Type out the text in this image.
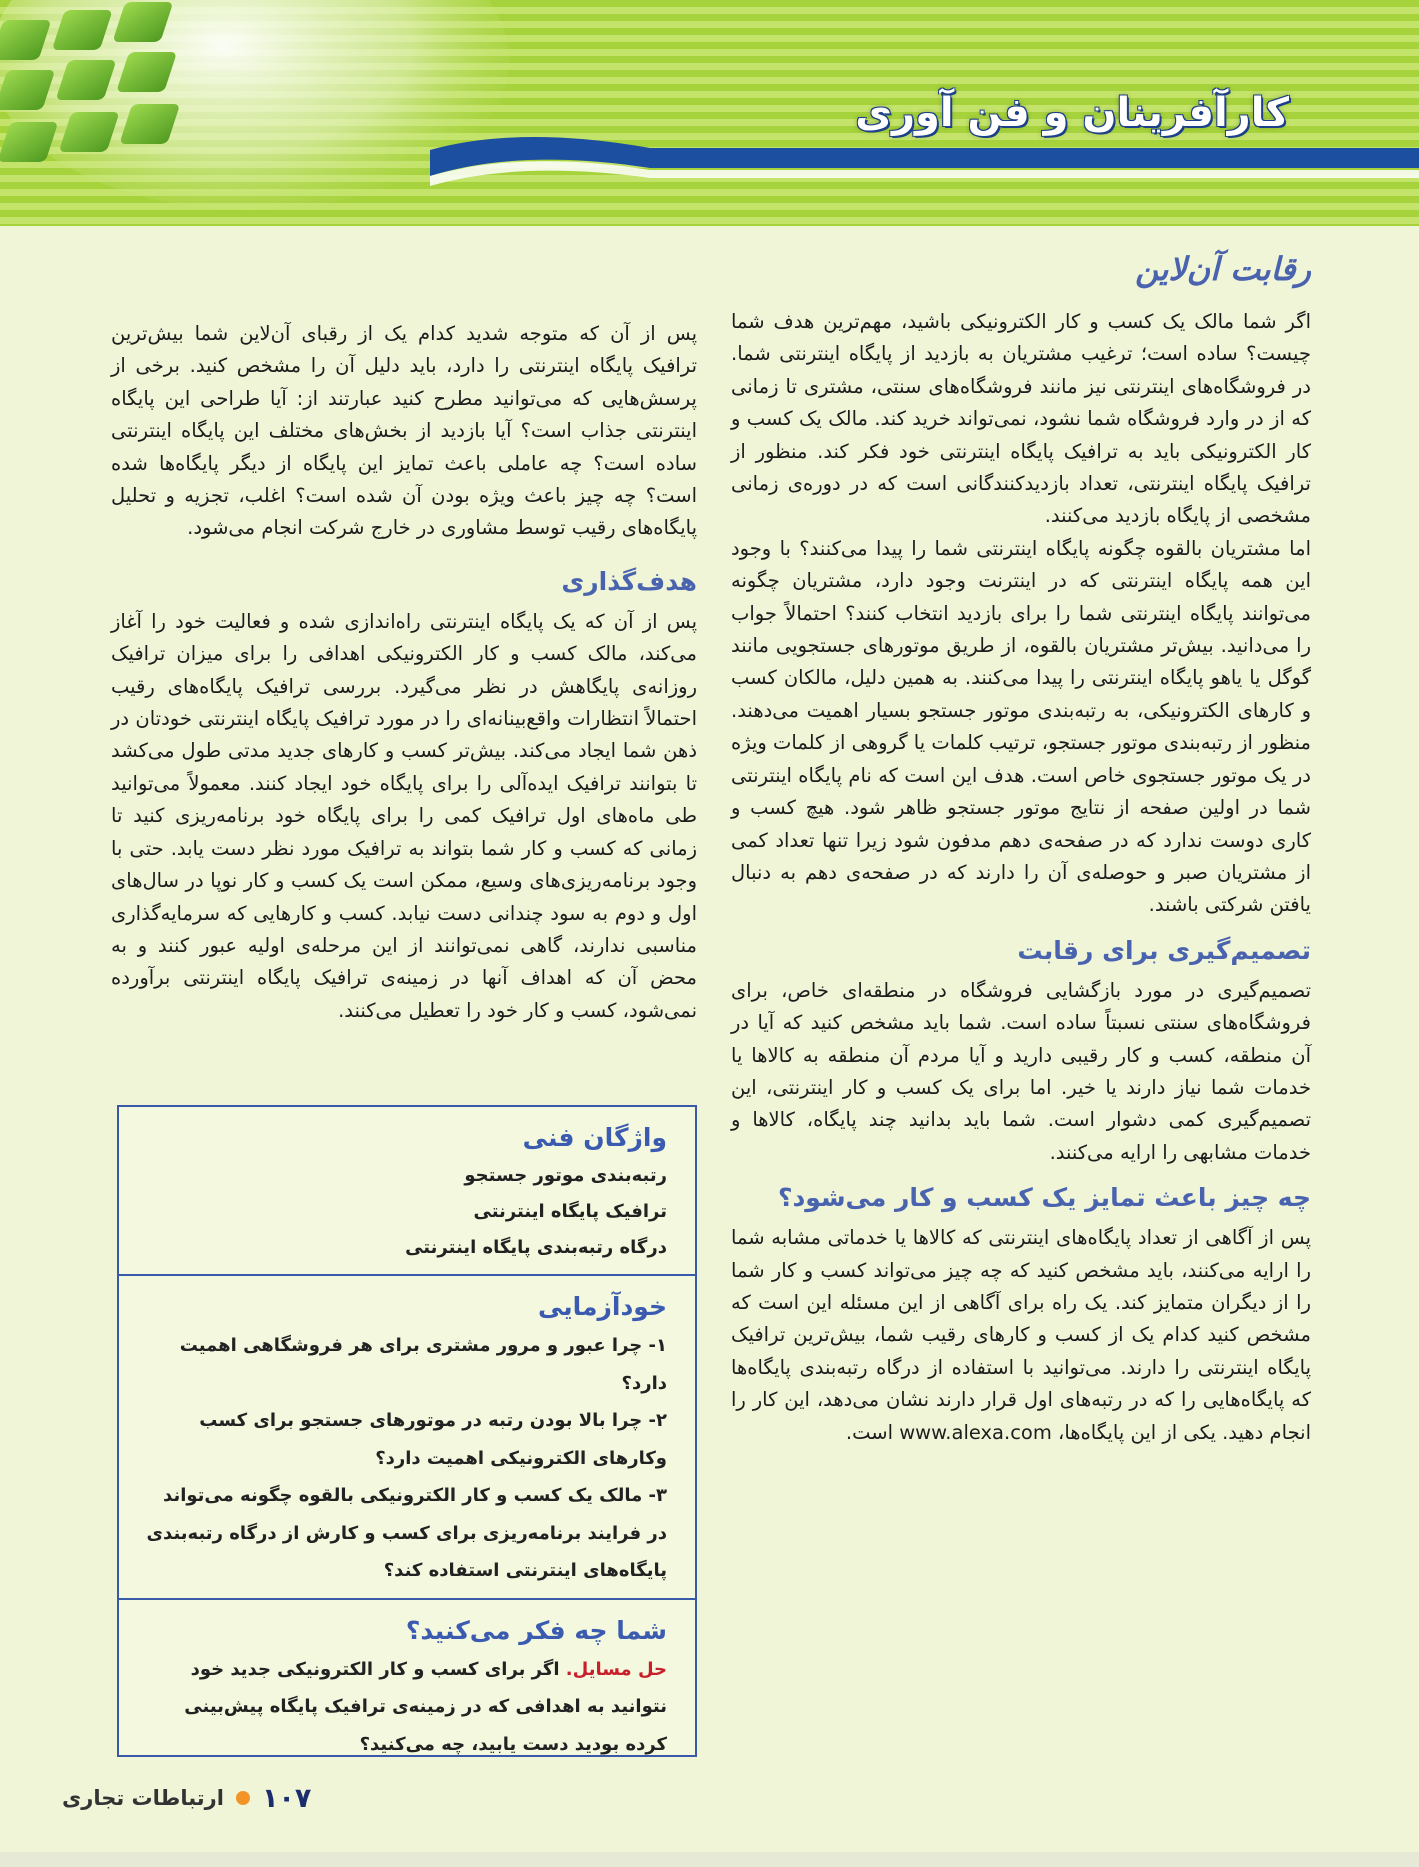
کارآفرینان و فن آوری
رقابت آن‌لاین

اگر شما مالک یک کسب و کار الکترونیکی باشید، مهم‌ترین هدف شما چیست؟ ساده است؛ ترغیب مشتریان به بازدید از پایگاه اینترنتی شما. در فروشگاه‌های اینترنتی نیز مانند فروشگاه‌های سنتی، مشتری تا زمانی که از در وارد فروشگاه شما نشود، نمی‌تواند خرید کند. مالک یک کسب و کار الکترونیکی باید به ترافیک پایگاه اینترنتی خود فکر کند. منظور از ترافیک پایگاه اینترنتی، تعداد بازدیدکنندگانی است که در دوره‌ی زمانی مشخصی از پایگاه بازدید می‌کنند.

اما مشتریان بالقوه چگونه پایگاه اینترنتی شما را پیدا می‌کنند؟ با وجود این همه پایگاه اینترنتی که در اینترنت وجود دارد، مشتریان چگونه می‌توانند پایگاه اینترنتی شما را برای بازدید انتخاب کنند؟ احتمالاً جواب را می‌دانید. بیش‌تر مشتریان بالقوه، از طریق موتورهای جستجویی مانند گوگل یا یاهو پایگاه اینترنتی را پیدا می‌کنند. به همین دلیل، مالکان کسب و کارهای الکترونیکی، به رتبه‌بندی موتور جستجو بسیار اهمیت می‌دهند. منظور از رتبه‌بندی موتور جستجو، ترتیب کلمات یا گروهی از کلمات ویژه در یک موتور جستجوی خاص است. هدف این است که نام پایگاه اینترنتی شما در اولین صفحه از نتایج موتور جستجو ظاهر شود. هیچ کسب و کاری دوست ندارد که در صفحه‌ی دهم مدفون شود زیرا تنها تعداد کمی از مشتریان صبر و حوصله‌ی آن را دارند که در صفحه‌ی دهم به دنبال یافتن شرکتی باشند.

تصمیم‌گیری برای رقابت

تصمیم‌گیری در مورد بازگشایی فروشگاه در منطقه‌ای خاص، برای فروشگاه‌های سنتی نسبتاً ساده است. شما باید مشخص کنید که آیا در آن منطقه، کسب و کار رقیبی دارید و آیا مردم آن منطقه به کالاها یا خدمات شما نیاز دارند یا خیر. اما برای یک کسب و کار اینترنتی، این تصمیم‌گیری کمی دشوار است. شما باید بدانید چند پایگاه، کالاها و خدمات مشابهی را ارایه می‌کنند.

چه چیز باعث تمایز یک کسب و کار می‌شود؟

پس از آگاهی از تعداد پایگاه‌های اینترنتی که کالاها یا خدماتی مشابه شما را ارایه می‌کنند، باید مشخص کنید که چه چیز می‌تواند کسب و کار شما را از دیگران متمایز کند. یک راه برای آگاهی از این مسئله این است که مشخص کنید کدام یک از کسب و کارهای رقیب شما، بیش‌ترین ترافیک پایگاه اینترنتی را دارند. می‌توانید با استفاده از درگاه رتبه‌بندی پایگاه‌ها که پایگاه‌هایی را که در رتبه‌های اول قرار دارند نشان می‌دهد، این کار را انجام دهید. یکی از این پایگاه‌ها، www.alexa.com است.

پس از آن که متوجه شدید کدام یک از رقبای آن‌لاین شما بیش‌ترین ترافیک پایگاه اینترنتی را دارد، باید دلیل آن را مشخص کنید. برخی از پرسش‌هایی که می‌توانید مطرح کنید عبارتند از: آیا طراحی این پایگاه اینترنتی جذاب است؟ آیا بازدید از بخش‌های مختلف این پایگاه اینترنتی ساده است؟ چه عاملی باعث تمایز این پایگاه از دیگر پایگاه‌ها شده است؟ چه چیز باعث ویژه بودن آن شده است؟ اغلب، تجزیه و تحلیل پایگاه‌های رقیب توسط مشاوری در خارج شرکت انجام می‌شود.

هدف‌گذاری

پس از آن که یک پایگاه اینترنتی راه‌اندازی شده و فعالیت خود را آغاز می‌کند، مالک کسب و کار الکترونیکی اهدافی را برای میزان ترافیک روزانه‌ی پایگاهش در نظر می‌گیرد. بررسی ترافیک پایگاه‌های رقیب احتمالاً انتظارات واقع‌بینانه‌ای را در مورد ترافیک پایگاه اینترنتی خودتان در ذهن شما ایجاد می‌کند. بیش‌تر کسب و کارهای جدید مدتی طول می‌کشد تا بتوانند ترافیک ایده‌آلی را برای پایگاه خود ایجاد کنند. معمولاً می‌توانید طی ماه‌های اول ترافیک کمی را برای پایگاه خود برنامه‌ریزی کنید تا زمانی که کسب و کار شما بتواند به ترافیک مورد نظر دست یابد. حتی با وجود برنامه‌ریزی‌های وسیع، ممکن است یک کسب و کار نوپا در سال‌های اول و دوم به سود چندانی دست نیابد. کسب و کارهایی که سرمایه‌گذاری مناسبی ندارند، گاهی نمی‌توانند از این مرحله‌ی اولیه عبور کنند و به محض آن که اهداف آنها در زمینه‌ی ترافیک پایگاه اینترنتی برآورده نمی‌شود، کسب و کار خود را تعطیل می‌کنند.

واژگان فنی

رتبه‌بندی موتور جستجو

ترافیک پایگاه اینترنتی

درگاه رتبه‌بندی پایگاه اینترنتی

خودآزمایی

۱- چرا عبور و مرور مشتری برای هر فروشگاهی اهمیت دارد؟

۲- چرا بالا بودن رتبه در موتورهای جستجو برای کسب وکارهای الکترونیکی اهمیت دارد؟

۳- مالک یک کسب و کار الکترونیکی بالقوه چگونه می‌تواند در فرایند برنامه‌ریزی برای کسب و کارش از درگاه رتبه‌بندی پایگاه‌های اینترنتی استفاده کند؟

شما چه فکر می‌کنید؟

حل مسایل. اگر برای کسب و کار الکترونیکی جدید خود نتوانید به اهدافی که در زمینه‌ی ترافیک پایگاه پیش‌بینی کرده بودید دست یابید، چه می‌کنید؟

ارتباطات تجاری ۱۰۷
